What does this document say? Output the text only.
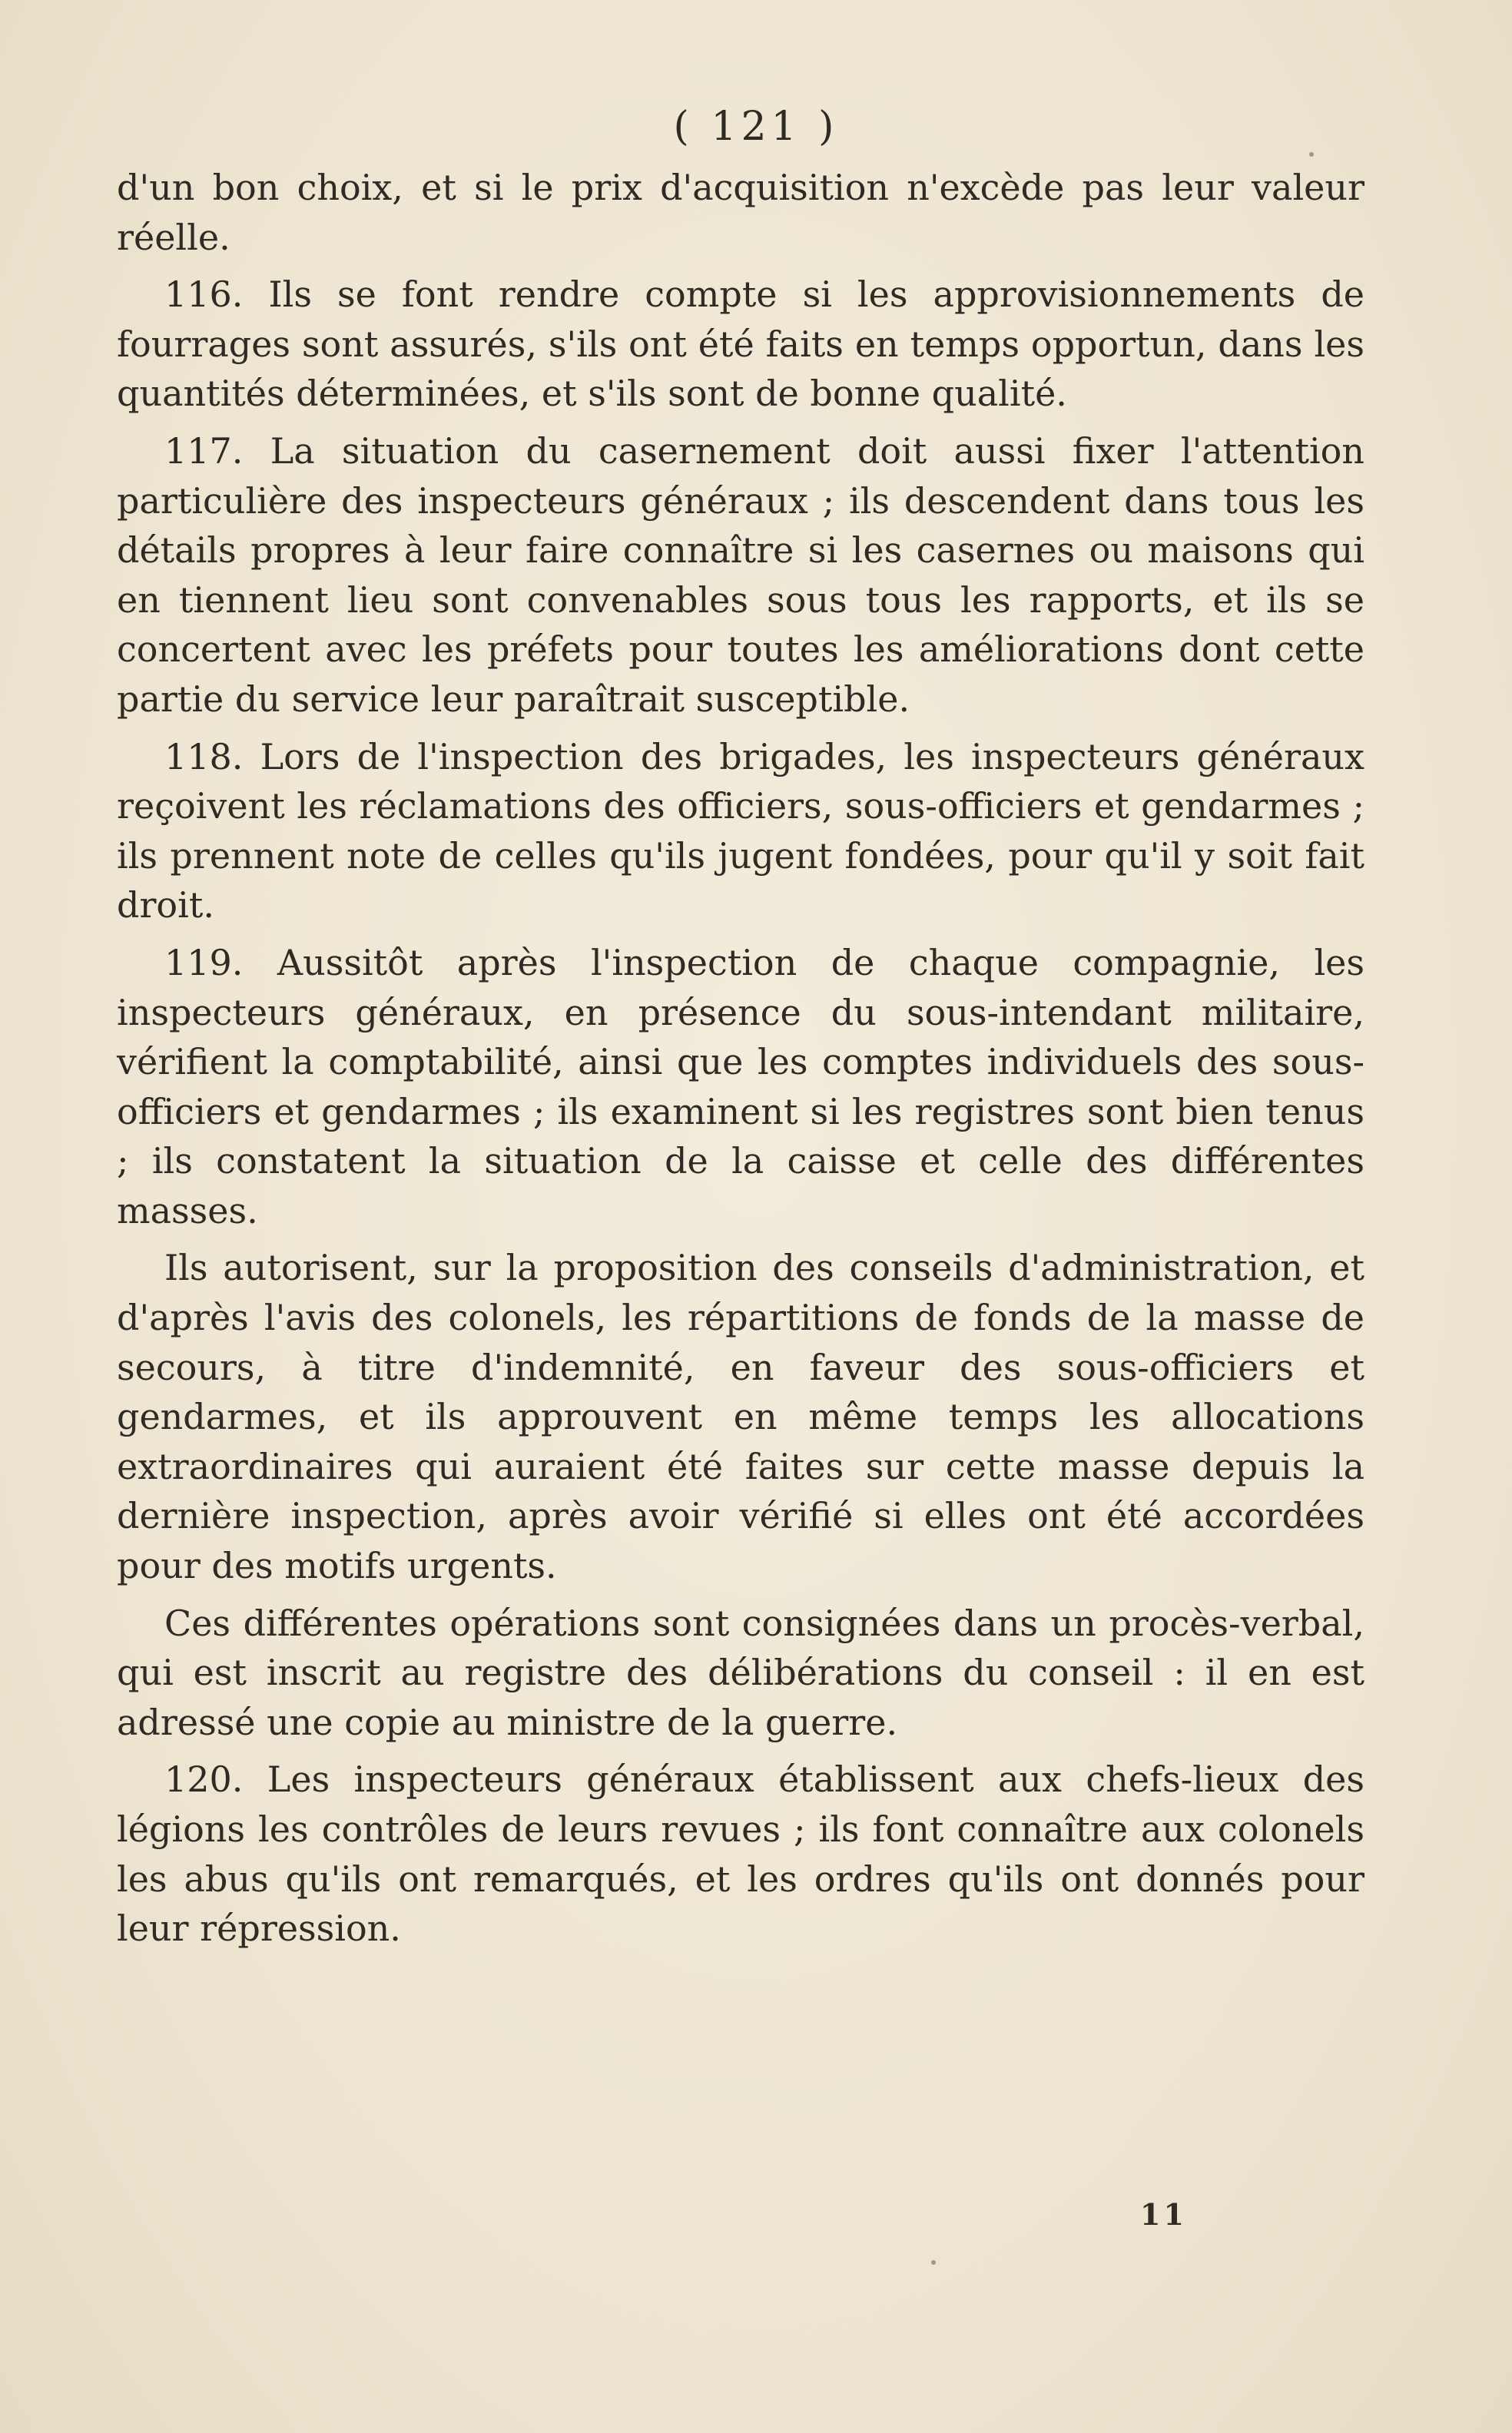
( 121 )

d'un bon choix, et si le prix d'acquisition n'excède pas leur valeur réelle.

116. Ils se font rendre compte si les approvisionnements de fourrages sont assurés, s'ils ont été faits en temps opportun, dans les quantités déterminées, et s'ils sont de bonne qualité.

117. La situation du casernement doit aussi fixer l'attention particulière des inspecteurs généraux ; ils descendent dans tous les détails propres à leur faire connaître si les casernes ou maisons qui en tiennent lieu sont convenables sous tous les rapports, et ils se concertent avec les préfets pour toutes les améliorations dont cette partie du service leur paraîtrait susceptible.

118. Lors de l'inspection des brigades, les inspecteurs généraux reçoivent les réclamations des officiers, sous-officiers et gendarmes ; ils prennent note de celles qu'ils jugent fondées, pour qu'il y soit fait droit.

119. Aussitôt après l'inspection de chaque compagnie, les inspecteurs généraux, en présence du sous-intendant militaire, vérifient la comptabilité, ainsi que les comptes individuels des sous-officiers et gendarmes ; ils examinent si les registres sont bien tenus ; ils constatent la situation de la caisse et celle des différentes masses.

Ils autorisent, sur la proposition des conseils d'administration, et d'après l'avis des colonels, les répartitions de fonds de la masse de secours, à titre d'indemnité, en faveur des sous-officiers et gendarmes, et ils approuvent en même temps les allocations extraordinaires qui auraient été faites sur cette masse depuis la dernière inspection, après avoir vérifié si elles ont été accordées pour des motifs urgents.

Ces différentes opérations sont consignées dans un procès-verbal, qui est inscrit au registre des délibérations du conseil : il en est adressé une copie au ministre de la guerre.

120. Les inspecteurs généraux établissent aux chefs-lieux des légions les contrôles de leurs revues ; ils font connaître aux colonels les abus qu'ils ont remarqués, et les ordres qu'ils ont donnés pour leur répression.

11
